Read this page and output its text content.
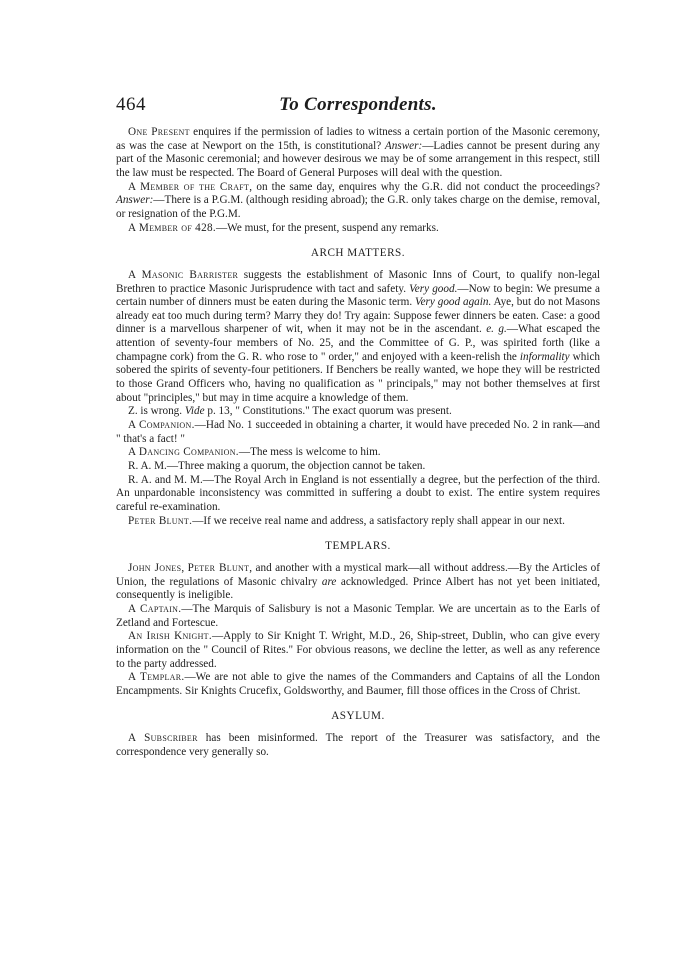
464	To Correspondents.

One Present enquires if the permission of ladies to witness a certain portion of the Masonic ceremony, as was the case at Newport on the 15th, is constitutional? Answer:—Ladies cannot be present during any part of the Masonic ceremonial; and however desirous we may be of some arrangement in this respect, still the law must be respected. The Board of General Purposes will deal with the question.

A Member of the Craft, on the same day, enquires why the G.R. did not conduct the proceedings? Answer:—There is a P.G.M. (although residing abroad); the G.R. only takes charge on the demise, removal, or resignation of the P.G.M.

A Member of 428.—We must, for the present, suspend any remarks.

ARCH MATTERS.

A Masonic Barrister suggests the establishment of Masonic Inns of Court, to qualify non-legal Brethren to practice Masonic Jurisprudence with tact and safety. Very good.—Now to begin: We presume a certain number of dinners must be eaten during the Masonic term. Very good again. Aye, but do not Masons already eat too much during term? Marry they do! Try again: Suppose fewer dinners be eaten. Case: a good dinner is a marvellous sharpener of wit, when it may not be in the ascendant. e. g.—What escaped the attention of seventy-four members of No. 25, and the Committee of G. P., was spirited forth (like a champagne cork) from the G. R. who rose to " order," and enjoyed with a keen-relish the informality which sobered the spirits of seventy-four petitioners. If Benchers be really wanted, we hope they will be restricted to those Grand Officers who, having no qualification as " principals," may not bother themselves at first about "principles," but may in time acquire a knowledge of them.

Z. is wrong. Vide p. 13, " Constitutions." The exact quorum was present.

A Companion.—Had No. 1 succeeded in obtaining a charter, it would have preceded No. 2 in rank—and " that's a fact! "

A Dancing Companion.—The mess is welcome to him.

R. A. M.—Three making a quorum, the objection cannot be taken.

R. A. and M. M.—The Royal Arch in England is not essentially a degree, but the perfection of the third. An unpardonable inconsistency was committed in suffering a doubt to exist. The entire system requires careful re-examination.

Peter Blunt.—If we receive real name and address, a satisfactory reply shall appear in our next.

TEMPLARS.

John Jones, Peter Blunt, and another with a mystical mark—all without address.—By the Articles of Union, the regulations of Masonic chivalry are acknowledged. Prince Albert has not yet been initiated, consequently is ineligible.

A Captain.—The Marquis of Salisbury is not a Masonic Templar. We are uncertain as to the Earls of Zetland and Fortescue.

An Irish Knight.—Apply to Sir Knight T. Wright, M.D., 26, Ship-street, Dublin, who can give every information on the " Council of Rites." For obvious reasons, we decline the letter, as well as any reference to the party addressed.

A Templar.—We are not able to give the names of the Commanders and Captains of all the London Encampments. Sir Knights Crucefix, Goldsworthy, and Baumer, fill those offices in the Cross of Christ.

ASYLUM.

A Subscriber has been misinformed. The report of the Treasurer was satisfactory, and the correspondence very generally so.
